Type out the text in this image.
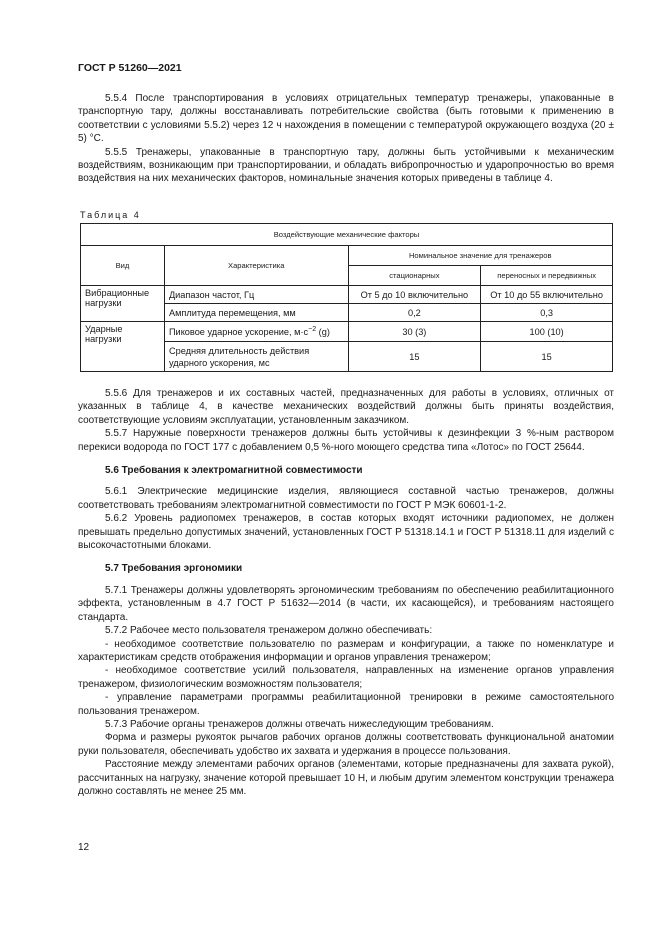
ГОСТ Р 51260—2021

5.5.4 После транспортирования в условиях отрицательных температур тренажеры, упакованные в транспортную тару, должны восстанавливать потребительские свойства (быть готовыми к применению в соответствии с условиями 5.5.2) через 12 ч нахождения в помещении с температурой окружающего воздуха (20 ± 5) °С.

5.5.5 Тренажеры, упакованные в транспортную тару, должны быть устойчивыми к механическим воздействиям, возникающим при транспортировании, и обладать вибропрочностью и ударопрочностью во время воздействия на них механических факторов, номинальные значения которых приведены в таблице 4.

Таблица 4
Воздействующие механические факторы			
Вид	Характеристика	Номинальное значение для тренажеров	
		стационарных	переносных и передвижных
Вибрационные нагрузки	Диапазон частот, Гц	От 5 до 10 включительно	От 10 до 55 включительно
	Амплитуда перемещения, мм	0,2	0,3
Ударные нагрузки	Пиковое ударное ускорение, $м\cdot с^{-2}$ (g)	30 (3)	100 (10)
	Средняя длительность действия ударного ускорения, мс	15	15

5.5.6 Для тренажеров и их составных частей, предназначенных для работы в условиях, отличных от указанных в таблице 4, в качестве механических воздействий должны быть приняты воздействия, соответствующие условиям эксплуатации, установленным заказчиком.

5.5.7 Наружные поверхности тренажеров должны быть устойчивы к дезинфекции 3 %-ным раствором перекиси водорода по ГОСТ 177 с добавлением 0,5 %-ного моющего средства типа «Лотос» по ГОСТ 25644.

5.6 Требования к электромагнитной совместимости

5.6.1 Электрические медицинские изделия, являющиеся составной частью тренажеров, должны соответствовать требованиям электромагнитной совместимости по ГОСТ Р МЭК 60601-1-2.

5.6.2 Уровень радиопомех тренажеров, в состав которых входят источники радиопомех, не должен превышать предельно допустимых значений, установленных ГОСТ Р 51318.14.1 и ГОСТ Р 51318.11 для изделий с высокочастотными блоками.

5.7 Требования эргономики

5.7.1 Тренажеры должны удовлетворять эргономическим требованиям по обеспечению реабилитационного эффекта, установленным в 4.7 ГОСТ Р 51632—2014 (в части, их касающейся), и требованиям настоящего стандарта.

5.7.2 Рабочее место пользователя тренажером должно обеспечивать:

- необходимое соответствие пользователю по размерам и конфигурации, а также по номенклатуре и характеристикам средств отображения информации и органов управления тренажером;

- необходимое соответствие усилий пользователя, направленных на изменение органов управления тренажером, физиологическим возможностям пользователя;

- управление параметрами программы реабилитационной тренировки в режиме самостоятельного пользования тренажером.

5.7.3 Рабочие органы тренажеров должны отвечать нижеследующим требованиям.

Форма и размеры рукояток рычагов рабочих органов должны соответствовать функциональной анатомии руки пользователя, обеспечивать удобство их захвата и удержания в процессе пользования.

Расстояние между элементами рабочих органов (элементами, которые предназначены для захвата рукой), рассчитанных на нагрузку, значение которой превышает 10 Н, и любым другим элементом конструкции тренажера должно составлять не менее 25 мм.

12
